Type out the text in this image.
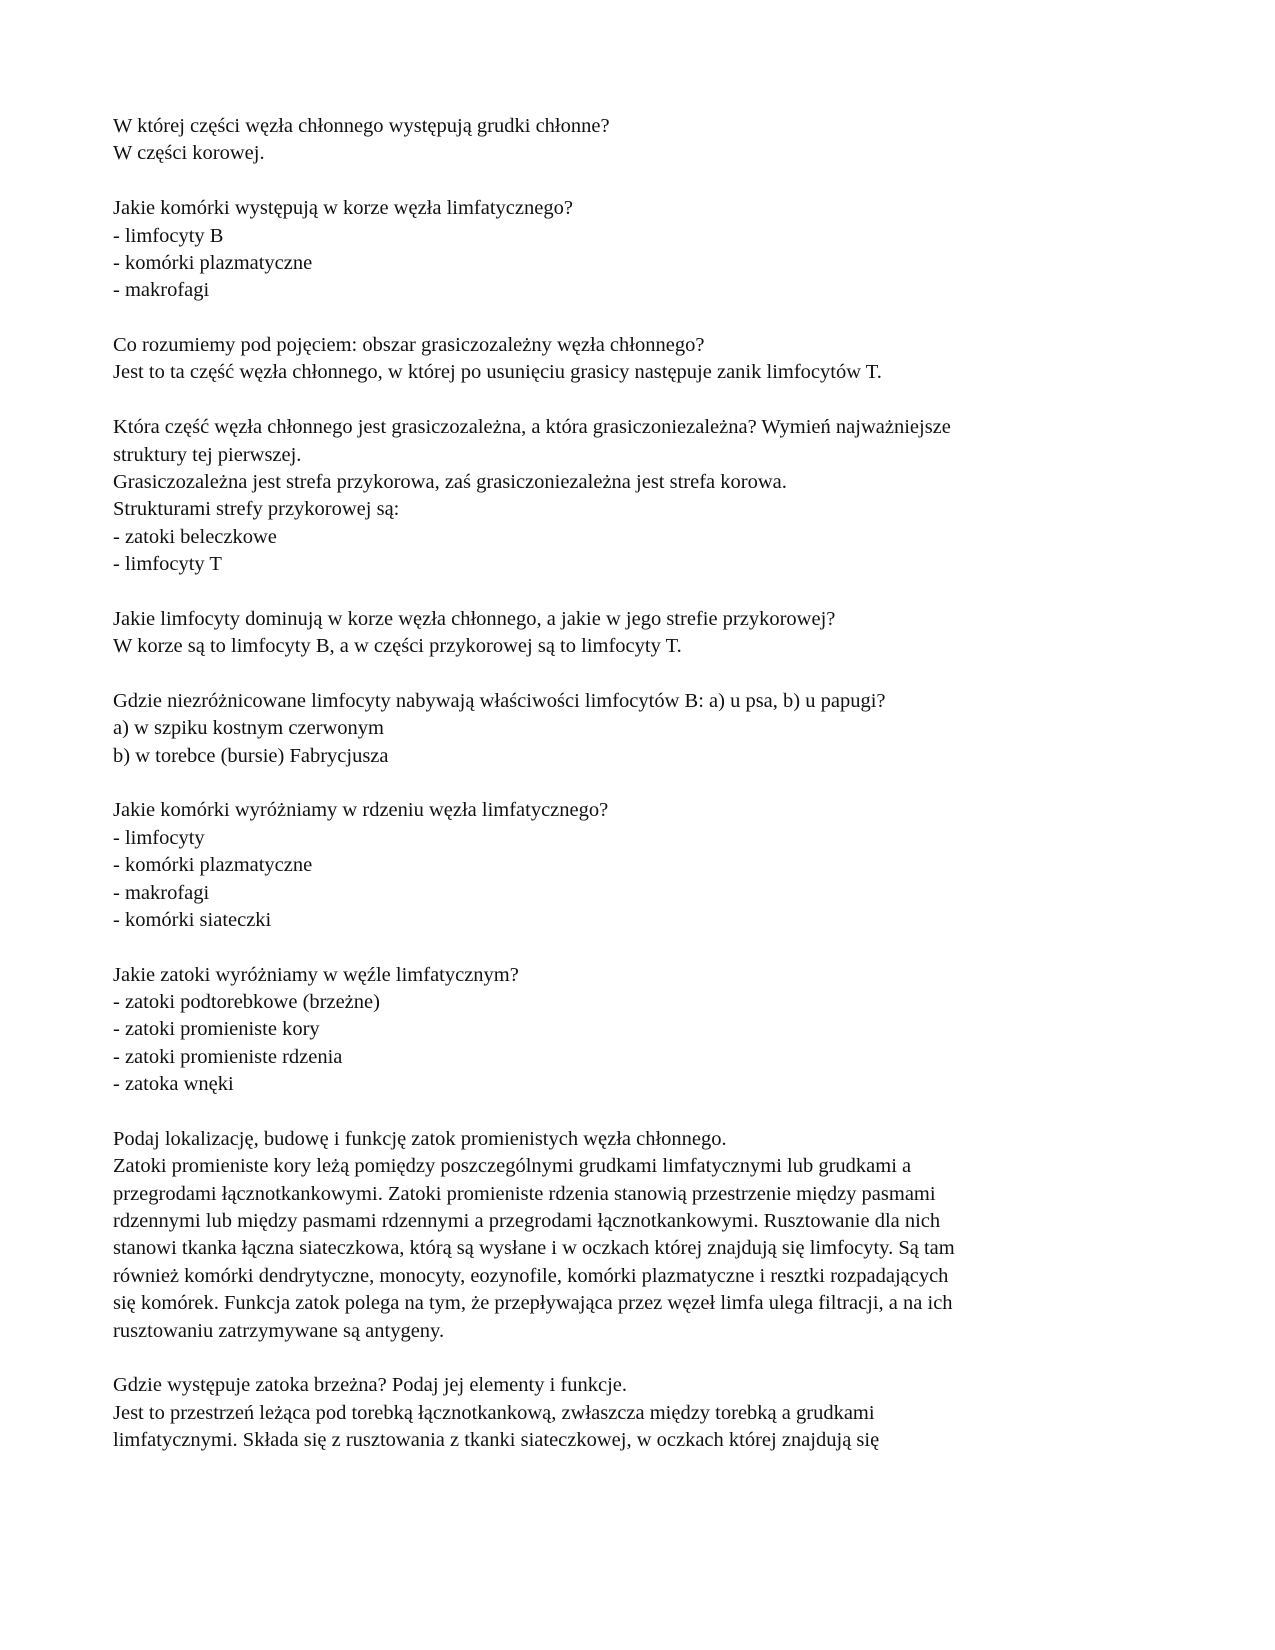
W której części węzła chłonnego występują grudki chłonne?
W części korowej.
Jakie komórki występują w korze węzła limfatycznego?
- limfocyty B
- komórki plazmatyczne
- makrofagi
Co rozumiemy pod pojęciem: obszar grasiczozależny węzła chłonnego?
Jest to ta część węzła chłonnego, w której po usunięciu grasicy następuje zanik limfocytów T.
Która część węzła chłonnego jest grasiczozależna, a która grasiczoniezależna? Wymień najważniejsze
struktury tej pierwszej.
Grasiczozależna jest strefa przykorowa, zaś grasiczoniezależna jest strefa korowa.
Strukturami strefy przykorowej są:
- zatoki beleczkowe
- limfocyty T
Jakie limfocyty dominują w korze węzła chłonnego, a jakie w jego strefie przykorowej?
W korze są to limfocyty B, a w części przykorowej są to limfocyty T.
Gdzie niezróżnicowane limfocyty nabywają właściwości limfocytów B: a) u psa, b) u papugi?
a) w szpiku kostnym czerwonym
b) w torebce (bursie) Fabrycjusza
Jakie komórki wyróżniamy w rdzeniu węzła limfatycznego?
- limfocyty
- komórki plazmatyczne
- makrofagi
- komórki siateczki
Jakie zatoki wyróżniamy w węźle limfatycznym?
- zatoki podtorebkowe (brzeżne)
- zatoki promieniste kory
- zatoki promieniste rdzenia
- zatoka wnęki
Podaj lokalizację, budowę i funkcję zatok promienistych węzła chłonnego.
Zatoki promieniste kory leżą pomiędzy poszczególnymi grudkami limfatycznymi lub grudkami a
przegrodami łącznotkankowymi. Zatoki promieniste rdzenia stanowią przestrzenie między pasmami
rdzennymi lub między pasmami rdzennymi a przegrodami łącznotkankowymi. Rusztowanie dla nich
stanowi tkanka łączna siateczkowa, którą są wysłane i w oczkach której znajdują się limfocyty. Są tam
również komórki dendrytyczne, monocyty, eozynofile, komórki plazmatyczne i resztki rozpadających
się komórek. Funkcja zatok polega na tym, że przepływająca przez węzeł limfa ulega filtracji, a na ich
rusztowaniu zatrzymywane są antygeny.
Gdzie występuje zatoka brzeżna? Podaj jej elementy i funkcje.
Jest to przestrzeń leżąca pod torebką łącznotkankową, zwłaszcza między torebką a grudkami
limfatycznymi. Składa się z rusztowania z tkanki siateczkowej, w oczkach której znajdują się
